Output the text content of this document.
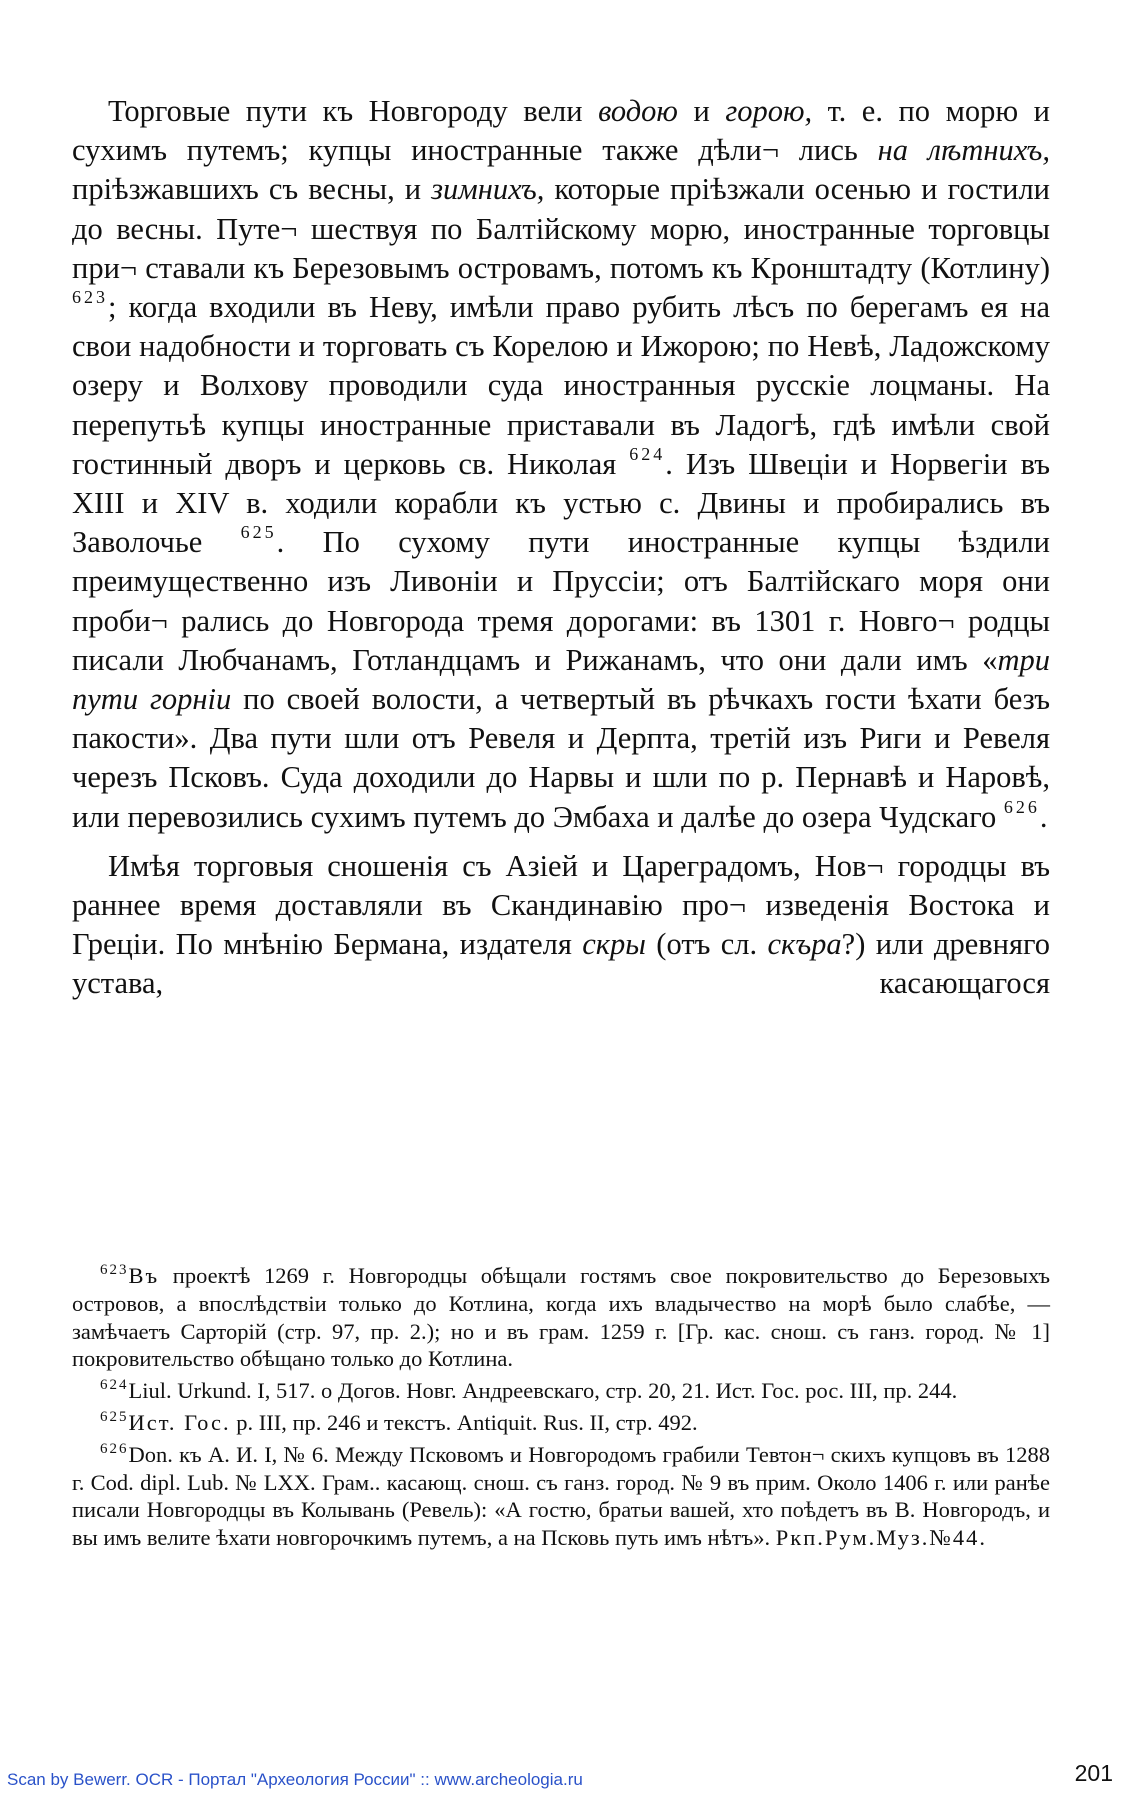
Торговые пути къ Новгороду вели водою и горою, т. е. по морю и сухимъ путемъ; купцы иностранные также дѣли¬ лись на лѣтнихъ, пріѣзжавшихъ съ весны, и зимнихъ, которые пріѣзжали осенью и гостили до весны. Путе¬ шествуя по Балтійскому морю, иностранные торговцы при¬ ставали къ Березовымъ островамъ, потомъ къ Кронштадту (Котлину) $^{623}$; когда входили въ Неву, имѣли право рубить лѣсъ по берегамъ ея на свои надобности и торговать съ Корелою и Ижорою; по Невѣ, Ладожскому озеру и Волхову проводили суда иностранныя русскіе лоцманы. На перепутьѣ купцы иностранные приставали въ Ладогѣ, гдѣ имѣли свой гостинный дворъ и церковь св. Николая $^{624}$. Изъ Швеціи и Норвегіи въ XIII и XIV в. ходили корабли къ устью с. Двины и пробирались въ Заволочье $^{625}$. По сухому пути иностранные купцы ѣздили преимущественно изъ Ливоніи и Пруссіи; отъ Балтійскаго моря они проби¬ рались до Новгорода тремя дорогами: въ 1301 г. Новго¬ родцы писали Любчанамъ, Готландцамъ и Рижанамъ, что они дали имъ «три пути горніи по своей волости, а четвертый въ рѣчкахъ гости ѣхати безъ пакости». Два пути шли отъ Ревеля и Дерпта, третій изъ Риги и Ревеля черезъ Псковъ. Суда доходили до Нарвы и шли по р. Пернавѣ и Наровѣ, или перевозились сухимъ путемъ до Эмбаха и далѣе до озера Чудскаго $^{626}$.

Имѣя торговыя сношенія съ Азіей и Цареградомъ, Нов¬ городцы въ раннее время доставляли въ Скандинавію про¬ изведенія Востока и Греціи. По мнѣнію Бермана, издателя скры (отъ сл. скъра?) или древняго устава, касающагося

$^{623}$Въ проектѣ 1269 г. Новгородцы обѣщали гостямъ свое покровительство до Березовыхъ островов, а впослѣдствіи только до Котлина, когда ихъ владычество на морѣ было слабѣе, — замѣчаетъ Сарторій (стр. 97, пр. 2.); но и въ грам. 1259 г. [Гр. кас. снош. съ ганз. город. № 1] покровительство обѣщано только до Котлина.

$^{624}$Liul. Urkund. I, 517. о Догов. Новг. Андреевскаго, стр. 20, 21. Ист. Гос. рос. III, пр. 244.

$^{625}$Ист. Гос. р. III, пр. 246 и текстъ. Antiquit. Rus. II, стр. 492.

$^{626}$Don. къ А. И. I, № 6. Между Псковомъ и Новгородомъ грабили Тевтон¬ скихъ купцовъ въ 1288 г. Cod. dipl. Lub. № LXX. Грам.. касающ. снош. съ ганз. город. № 9 въ прим. Около 1406 г. или ранѣе писали Новгородцы въ Колывань (Ревель): «А гостю, братьи вашей, хто поѣдетъ въ В. Новгородъ, и вы имъ велите ѣхати новгорочкимъ путемъ, а на Псковь путь имъ нѣтъ». Ркп.Рум.Муз.№44.

Scan by Bewerr. OCR - Портал "Археология России" :: www.archeologia.ru	201
